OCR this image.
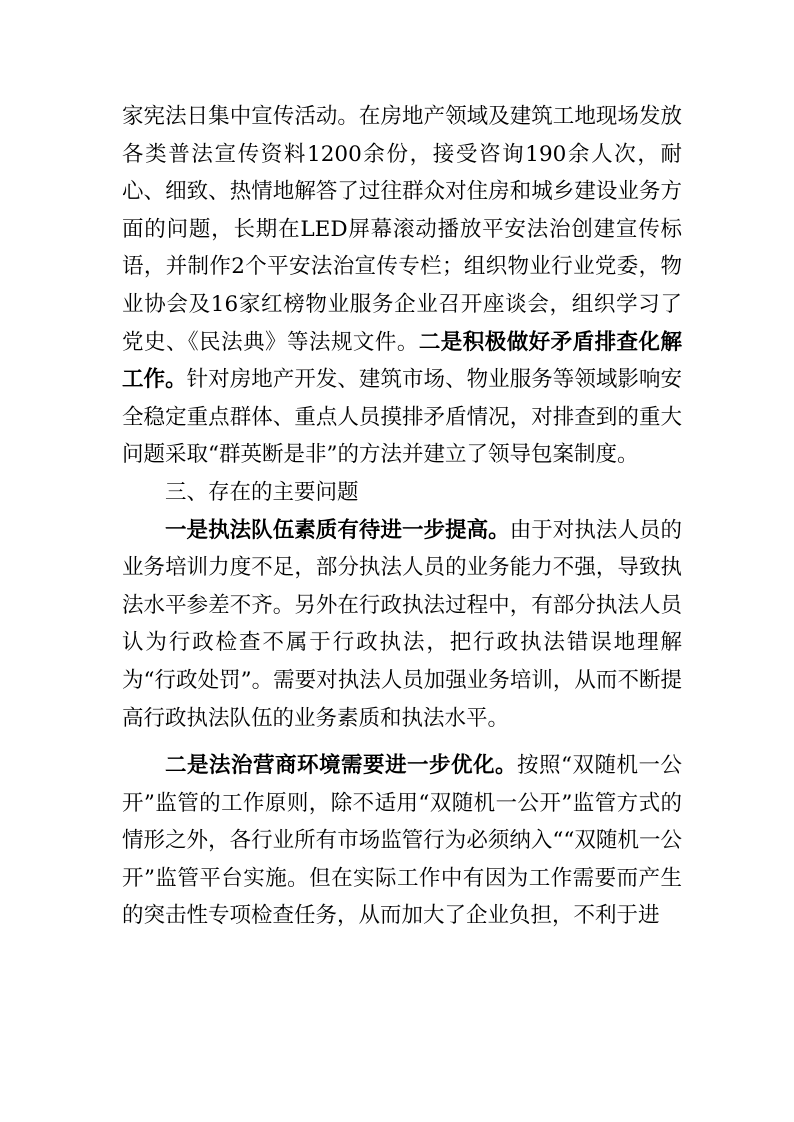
家宪法日集中宣传活动。在房地产领域及建筑工地现场发放各类普法宣传资料1200余份，接受咨询190余人次，耐心、细致、热情地解答了过往群众对住房和城乡建设业务方面的问题，长期在LED屏幕滚动播放平安法治创建宣传标语，并制作2个平安法治宣传专栏；组织物业行业党委，物业协会及16家红榜物业服务企业召开座谈会，组织学习了党史、《民法典》等法规文件。二是积极做好矛盾排查化解工作。针对房地产开发、建筑市场、物业服务等领域影响安全稳定重点群体、重点人员摸排矛盾情况，对排查到的重大问题采取“群英断是非”的方法并建立了领导包案制度。

三、存在的主要问题

一是执法队伍素质有待进一步提高。由于对执法人员的业务培训力度不足，部分执法人员的业务能力不强，导致执法水平参差不齐。另外在行政执法过程中，有部分执法人员认为行政检查不属于行政执法，把行政执法错误地理解为“行政处罚”。需要对执法人员加强业务培训，从而不断提高行政执法队伍的业务素质和执法水平。

二是法治营商环境需要进一步优化。按照“双随机一公开”监管的工作原则，除不适用“双随机一公开”监管方式的情形之外，各行业所有市场监管行为必须纳入““双随机一公开”监管平台实施。但在实际工作中有因为工作需要而产生的突击性专项检查任务，从而加大了企业负担，不利于进
